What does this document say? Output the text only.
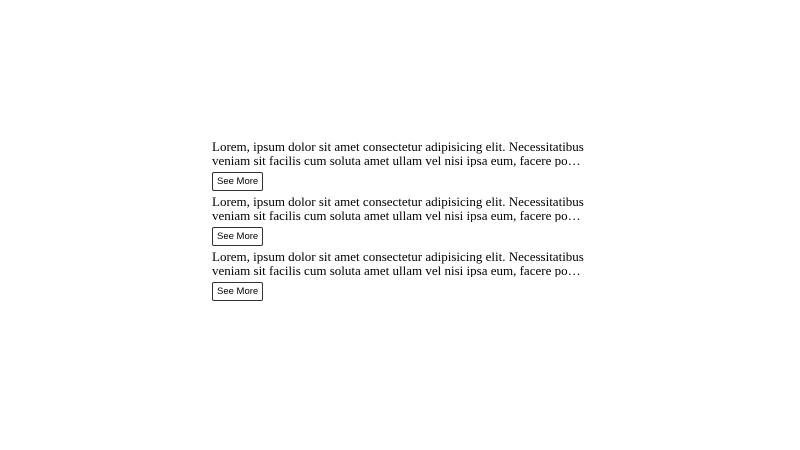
Lorem, ipsum dolor sit amet consectetur adipisicing elit. Necessitatibus veniam sit facilis cum soluta amet ullam vel nisi ipsa eum, facere porro

See More

Lorem, ipsum dolor sit amet consectetur adipisicing elit. Necessitatibus veniam sit facilis cum soluta amet ullam vel nisi ipsa eum, facere porro

See More

Lorem, ipsum dolor sit amet consectetur adipisicing elit. Necessitatibus veniam sit facilis cum soluta amet ullam vel nisi ipsa eum, facere porro

See More
